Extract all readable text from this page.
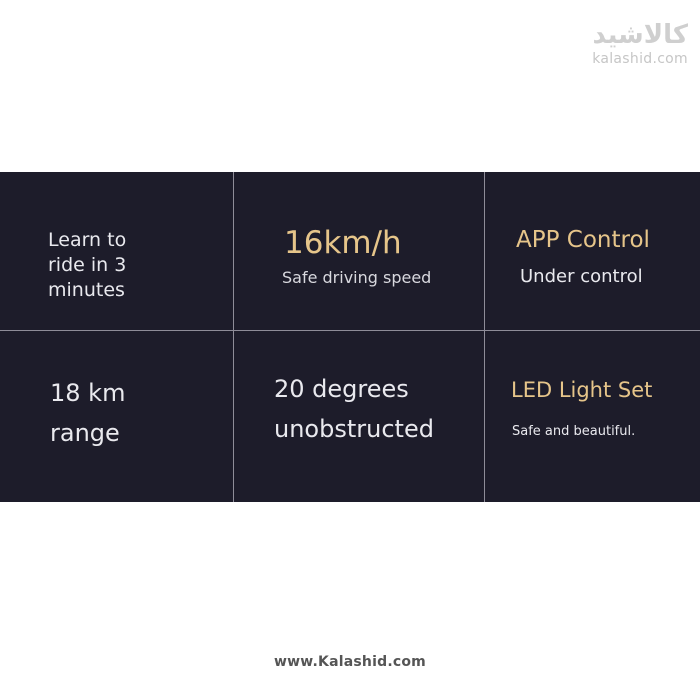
کالاشید
kalashid.com
Learn to
ride in 3
minutes
16km/h
Safe driving speed
APP Control
Under control
18 km
range
20 degrees
unobstructed
LED Light Set
Safe and beautiful.
www.Kalashid.com
